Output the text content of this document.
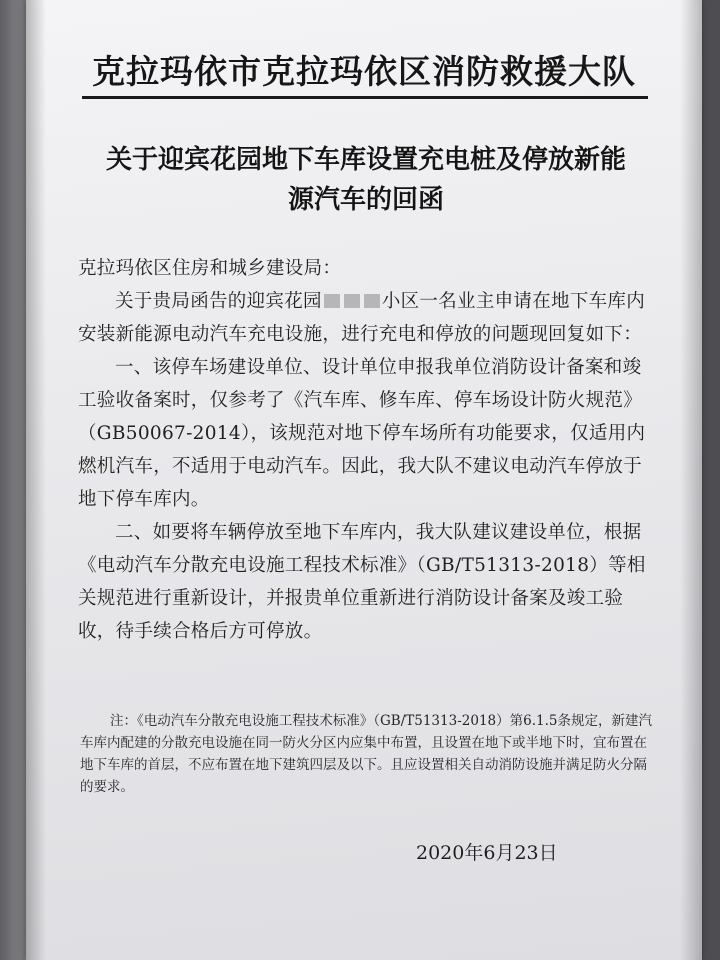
克拉玛依市克拉玛依区消防救援大队
关于迎宾花园地下车库设置充电桩及停放新能
源汽车的回函

克拉玛依区住房和城乡建设局：

关于贵局函告的迎宾花园	小区一名业主申请在地下车库内安装新能源电动汽车充电设施，进行充电和停放的问题现回复如下：

一、该停车场建设单位、设计单位申报我单位消防设计备案和竣工验收备案时，仅参考了《汽车库、修车库、停车场设计防火规范》（GB50067-2014），该规范对地下停车场所有功能要求，仅适用内燃机汽车，不适用于电动汽车。因此，我大队不建议电动汽车停放于地下停车库内。

二、如要将车辆停放至地下车库内，我大队建议建设单位，根据《电动汽车分散充电设施工程技术标准》（GB/T51313-2018）等相关规范进行重新设计，并报贵单位重新进行消防设计备案及竣工验收，待手续合格后方可停放。

注：《电动汽车分散充电设施工程技术标准》（GB/T51313-2018）第6.1.5条规定，新建汽车库内配建的分散充电设施在同一防火分区内应集中布置，且设置在地下或半地下时，宜布置在地下车库的首层，不应布置在地下建筑四层及以下。且应设置相关自动消防设施并满足防火分隔的要求。

2020年6月23日
